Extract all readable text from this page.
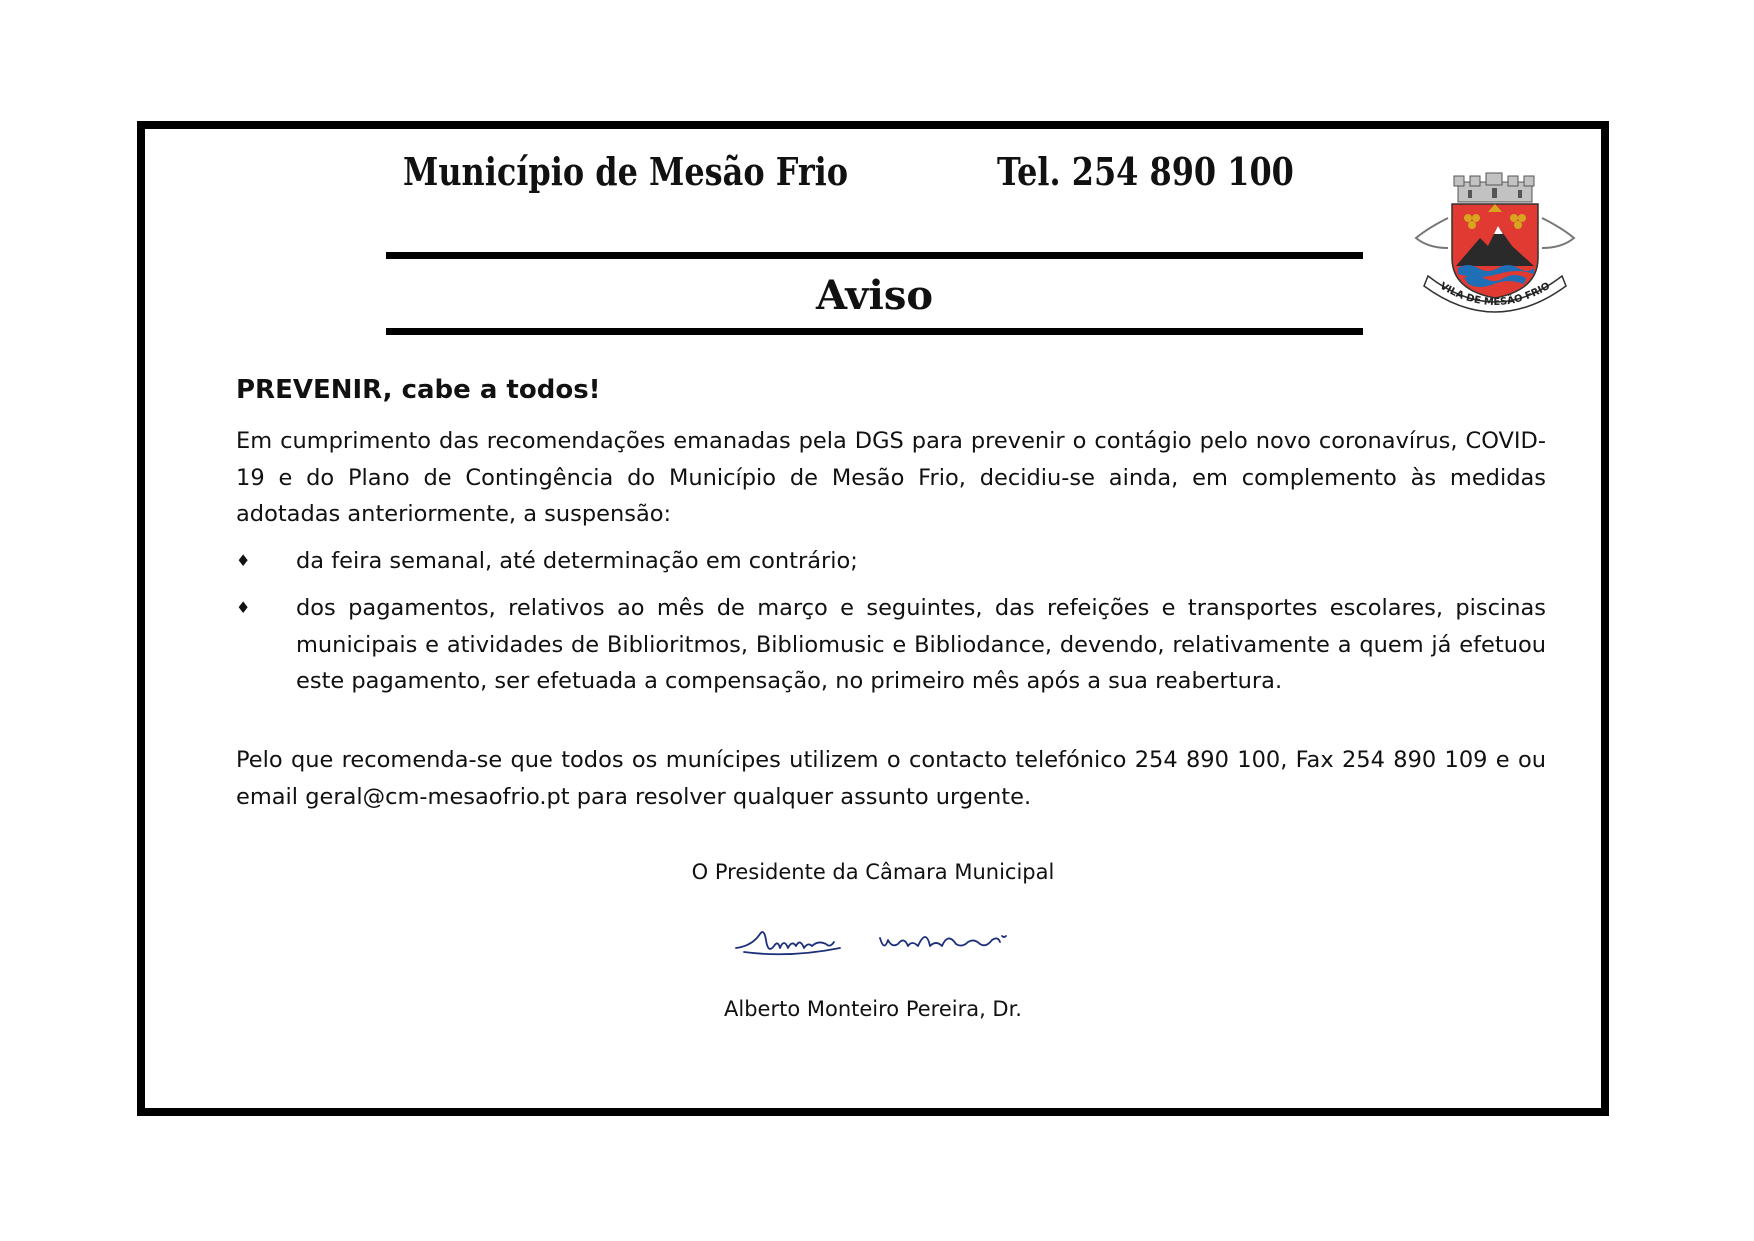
Município de Mesão Frio	Tel. 254 890 100
Aviso	VILA DE MESÃO FRIO
PREVENIR, cabe a todos!
Em cumprimento das recomendações emanadas pela DGS para prevenir o contágio pelo novo coronavírus, COVID-19 e do Plano de Contingência do Município de Mesão Frio, decidiu-se ainda, em complemento às medidas adotadas anteriormente, a suspensão:
♦ da feira semanal, até determinação em contrário;
♦ dos pagamentos, relativos ao mês de março e seguintes, das refeições e transportes escolares, piscinas municipais e atividades de Biblioritmos, Bibliomusic e Bibliodance, devendo, relativamente a quem já efetuou este pagamento, ser efetuada a compensação, no primeiro mês após a sua reabertura.
Pelo que recomenda-se que todos os munícipes utilizem o contacto telefónico 254 890 100, Fax 254 890 109 e ou email geral@cm-mesaofrio.pt para resolver qualquer assunto urgente.
O Presidente da Câmara Municipal
Alberto Monteiro Pereira, Dr.
